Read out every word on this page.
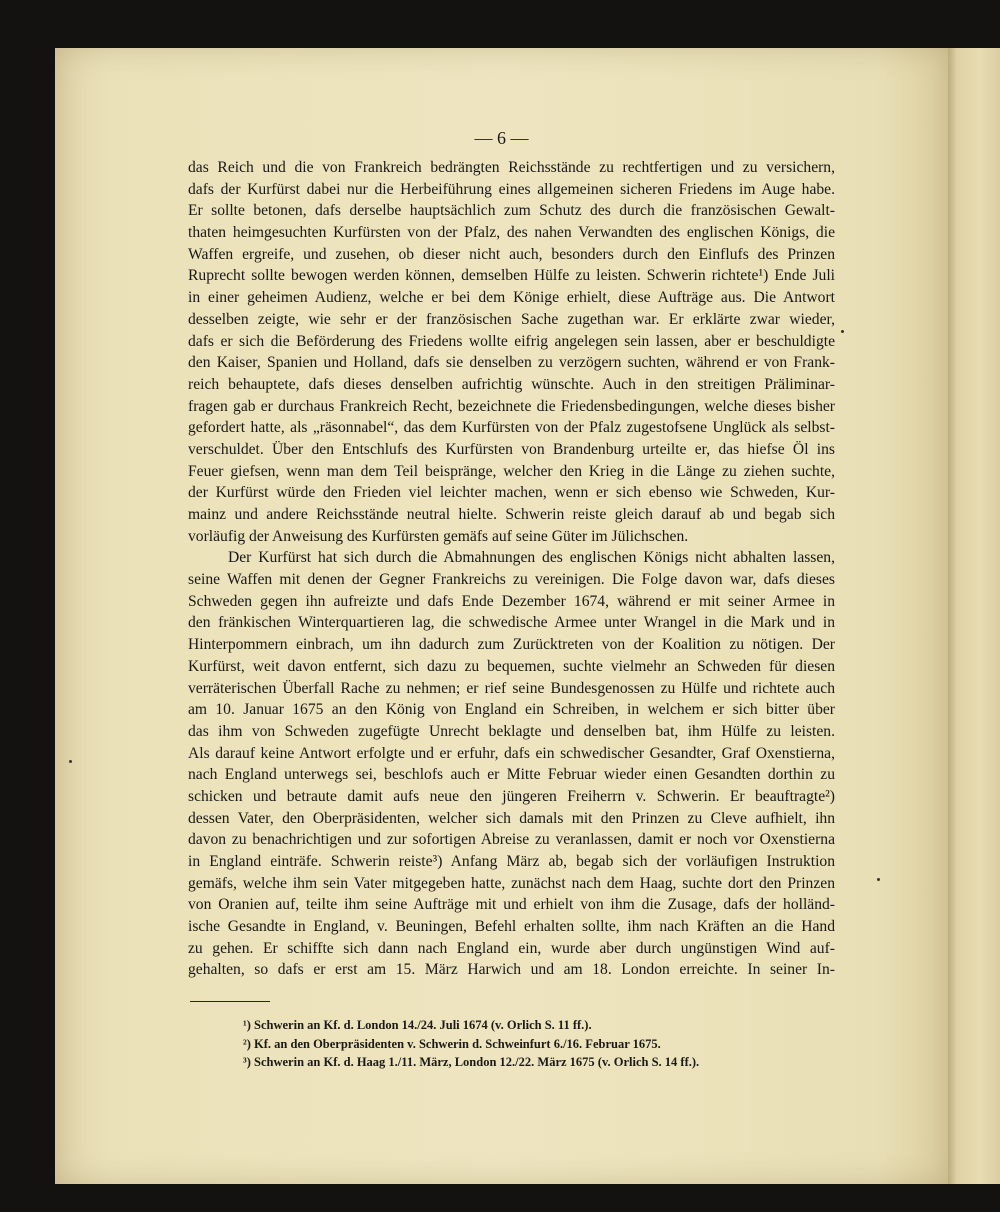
— 6 —
das Reich und die von Frankreich bedrängten Reichsstände zu rechtfertigen und zu versichern,
dafs der Kurfürst dabei nur die Herbeiführung eines allgemeinen sicheren Friedens im Auge habe.
Er sollte betonen, dafs derselbe hauptsächlich zum Schutz des durch die französischen Gewalt-
thaten heimgesuchten Kurfürsten von der Pfalz, des nahen Verwandten des englischen Königs, die
Waffen ergreife, und zusehen, ob dieser nicht auch, besonders durch den Einflufs des Prinzen
Ruprecht sollte bewogen werden können, demselben Hülfe zu leisten. Schwerin richtete¹) Ende Juli
in einer geheimen Audienz, welche er bei dem Könige erhielt, diese Aufträge aus. Die Antwort
desselben zeigte, wie sehr er der französischen Sache zugethan war. Er erklärte zwar wieder,
dafs er sich die Beförderung des Friedens wollte eifrig angelegen sein lassen, aber er beschuldigte
den Kaiser, Spanien und Holland, dafs sie denselben zu verzögern suchten, während er von Frank-
reich behauptete, dafs dieses denselben aufrichtig wünschte. Auch in den streitigen Präliminar-
fragen gab er durchaus Frankreich Recht, bezeichnete die Friedensbedingungen, welche dieses bisher
gefordert hatte, als „räsonnabel“, das dem Kurfürsten von der Pfalz zugestofsene Unglück als selbst-
verschuldet. Über den Entschlufs des Kurfürsten von Brandenburg urteilte er, das hiefse Öl ins
Feuer giefsen, wenn man dem Teil beispränge, welcher den Krieg in die Länge zu ziehen suchte,
der Kurfürst würde den Frieden viel leichter machen, wenn er sich ebenso wie Schweden, Kur-
mainz und andere Reichsstände neutral hielte. Schwerin reiste gleich darauf ab und begab sich
vorläufig der Anweisung des Kurfürsten gemäfs auf seine Güter im Jülichschen.
Der Kurfürst hat sich durch die Abmahnungen des englischen Königs nicht abhalten lassen,
seine Waffen mit denen der Gegner Frankreichs zu vereinigen. Die Folge davon war, dafs dieses
Schweden gegen ihn aufreizte und dafs Ende Dezember 1674, während er mit seiner Armee in
den fränkischen Winterquartieren lag, die schwedische Armee unter Wrangel in die Mark und in
Hinterpommern einbrach, um ihn dadurch zum Zurücktreten von der Koalition zu nötigen. Der
Kurfürst, weit davon entfernt, sich dazu zu bequemen, suchte vielmehr an Schweden für diesen
verräterischen Überfall Rache zu nehmen; er rief seine Bundesgenossen zu Hülfe und richtete auch
am 10. Januar 1675 an den König von England ein Schreiben, in welchem er sich bitter über
das ihm von Schweden zugefügte Unrecht beklagte und denselben bat, ihm Hülfe zu leisten.
Als darauf keine Antwort erfolgte und er erfuhr, dafs ein schwedischer Gesandter, Graf Oxenstierna,
nach England unterwegs sei, beschlofs auch er Mitte Februar wieder einen Gesandten dorthin zu
schicken und betraute damit aufs neue den jüngeren Freiherrn v. Schwerin. Er beauftragte²)
dessen Vater, den Oberpräsidenten, welcher sich damals mit den Prinzen zu Cleve aufhielt, ihn
davon zu benachrichtigen und zur sofortigen Abreise zu veranlassen, damit er noch vor Oxenstierna
in England einträfe. Schwerin reiste³) Anfang März ab, begab sich der vorläufigen Instruktion
gemäfs, welche ihm sein Vater mitgegeben hatte, zunächst nach dem Haag, suchte dort den Prinzen
von Oranien auf, teilte ihm seine Aufträge mit und erhielt von ihm die Zusage, dafs der holländ-
ische Gesandte in England, v. Beuningen, Befehl erhalten sollte, ihm nach Kräften an die Hand
zu gehen. Er schiffte sich dann nach England ein, wurde aber durch ungünstigen Wind auf-
gehalten, so dafs er erst am 15. März Harwich und am 18. London erreichte. In seiner In-
¹) Schwerin an Kf. d. London 14./24. Juli 1674 (v. Orlich S. 11 ff.).
²) Kf. an den Oberpräsidenten v. Schwerin d. Schweinfurt 6./16. Februar 1675.
³) Schwerin an Kf. d. Haag 1./11. März, London 12./22. März 1675 (v. Orlich S. 14 ff.).
